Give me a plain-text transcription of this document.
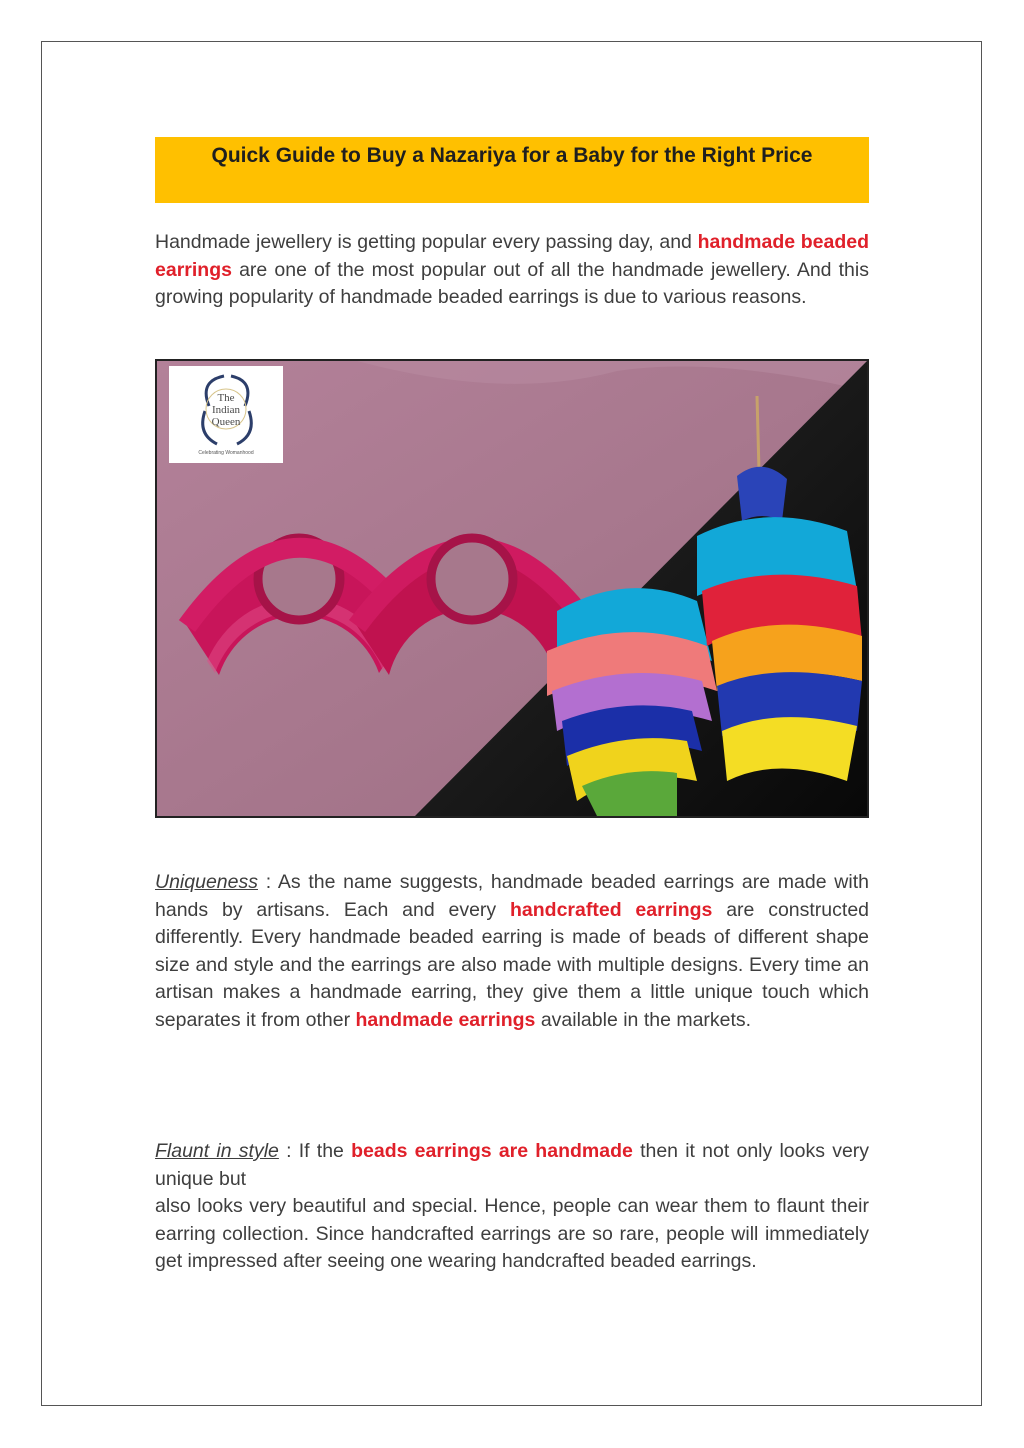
Quick Guide to Buy a Nazariya for a Baby for the Right Price

Handmade jewellery is getting popular every passing day, and handmade beaded earrings are one of the most popular out of all the handmade jewellery. And this growing popularity of handmade beaded earrings is due to various reasons.

The
Indian
Queen
Celebrating Womanhood

Uniqueness : As the name suggests, handmade beaded earrings are made with hands by artisans. Each and every handcrafted earrings are constructed differently. Every handmade beaded earring is made of beads of different shape size and style and the earrings are also made with multiple designs. Every time an artisan makes a handmade earring, they give them a little unique touch which separates it from other handmade earrings available in the markets.

Flaunt in style : If the beads earrings are handmade then it not only looks very unique but
also looks very beautiful and special. Hence, people can wear them to flaunt their earring collection. Since handcrafted earrings are so rare, people will immediately get impressed after seeing one wearing handcrafted beaded earrings.
